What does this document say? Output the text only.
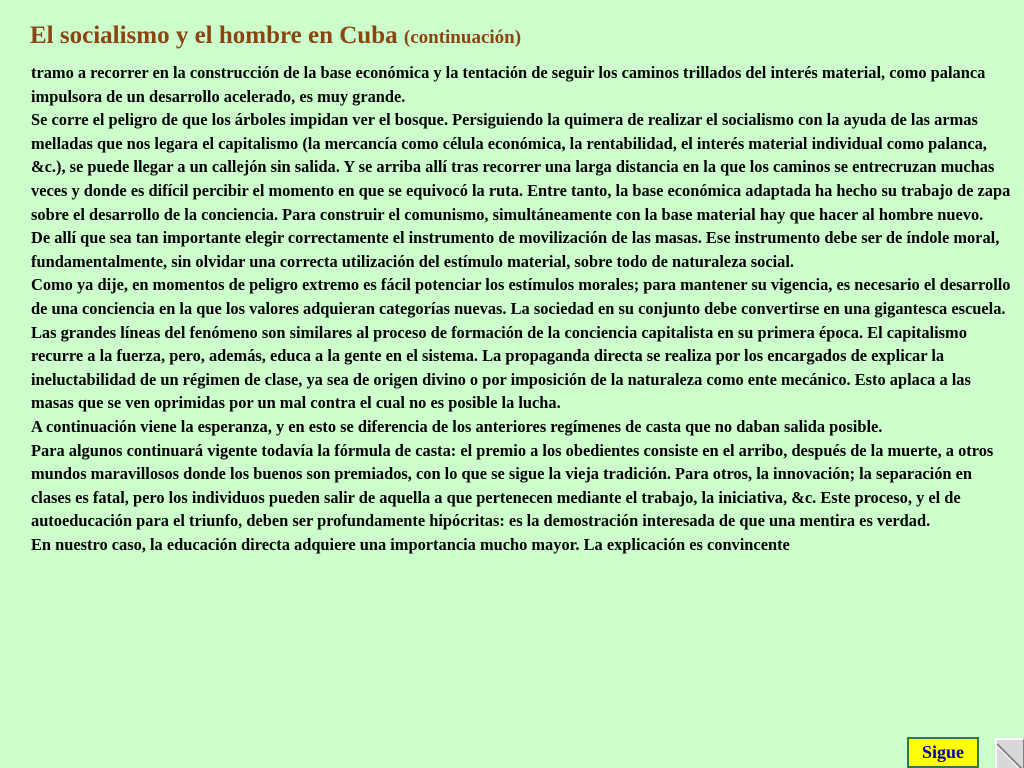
El socialismo y el hombre en Cuba (continuación)

tramo a recorrer en la construcción de la base económica y la tentación de seguir los caminos trillados del interés material, como palanca impulsora de un desarrollo acelerado, es muy grande.

Se corre el peligro de que los árboles impidan ver el bosque. Persiguiendo la quimera de realizar el socialismo con la ayuda de las armas melladas que nos legara el capitalismo (la mercancía como célula económica, la rentabilidad, el interés material individual como palanca, &c.), se puede llegar a un callejón sin salida. Y se arriba allí tras recorrer una larga distancia en la que los caminos se entrecruzan muchas veces y donde es difícil percibir el momento en que se equivocó la ruta. Entre tanto, la base económica adaptada ha hecho su trabajo de zapa sobre el desarrollo de la conciencia. Para construir el comunismo, simultáneamente con la base material hay que hacer al hombre nuevo.

De allí que sea tan importante elegir correctamente el instrumento de movilización de las masas. Ese instrumento debe ser de índole moral, fundamentalmente, sin olvidar una correcta utilización del estímulo material, sobre todo de naturaleza social.

Como ya dije, en momentos de peligro extremo es fácil potenciar los estímulos morales; para mantener su vigencia, es necesario el desarrollo de una conciencia en la que los valores adquieran categorías nuevas. La sociedad en su conjunto debe convertirse en una gigantesca escuela.

Las grandes líneas del fenómeno son similares al proceso de formación de la conciencia capitalista en su primera época. El capitalismo recurre a la fuerza, pero, además, educa a la gente en el sistema. La propaganda directa se realiza por los encargados de explicar la ineluctabilidad de un régimen de clase, ya sea de origen divino o por imposición de la naturaleza como ente mecánico. Esto aplaca a las masas que se ven oprimidas por un mal contra el cual no es posible la lucha.

A continuación viene la esperanza, y en esto se diferencia de los anteriores regímenes de casta que no daban salida posible.

Para algunos continuará vigente todavía la fórmula de casta: el premio a los obedientes consiste en el arribo, después de la muerte, a otros mundos maravillosos donde los buenos son premiados, con lo que se sigue la vieja tradición. Para otros, la innovación; la separación en clases es fatal, pero los individuos pueden salir de aquella a que pertenecen mediante el trabajo, la iniciativa, &c. Este proceso, y el de autoeducación para el triunfo, deben ser profundamente hipócritas: es la demostración interesada de que una mentira es verdad.

En nuestro caso, la educación directa adquiere una importancia mucho mayor. La explicación es convincente

Sigue
